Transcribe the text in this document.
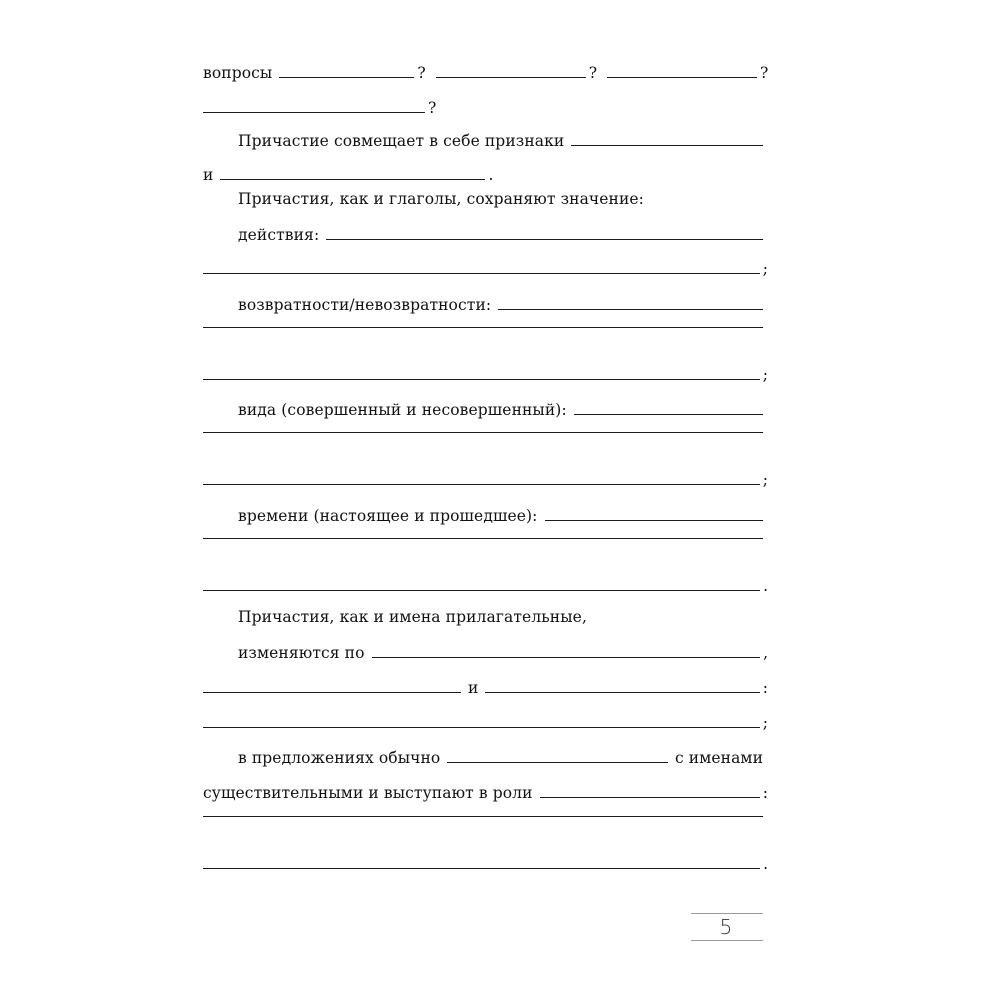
вопросы	?	?	?
?
Причастие совмещает в себе признаки
и	.
Причастия, как и глаголы, сохраняют значение:
действия:
;
возвратности/невозвратности:
;
вида (совершенный и несовершенный):
;
времени (настоящее и прошедшее):
.
Причастия, как и имена прилагательные,
изменяются по	,
и	:
;
в предложениях обычно	с именами
существительными и выступают в роли	:
.
5
